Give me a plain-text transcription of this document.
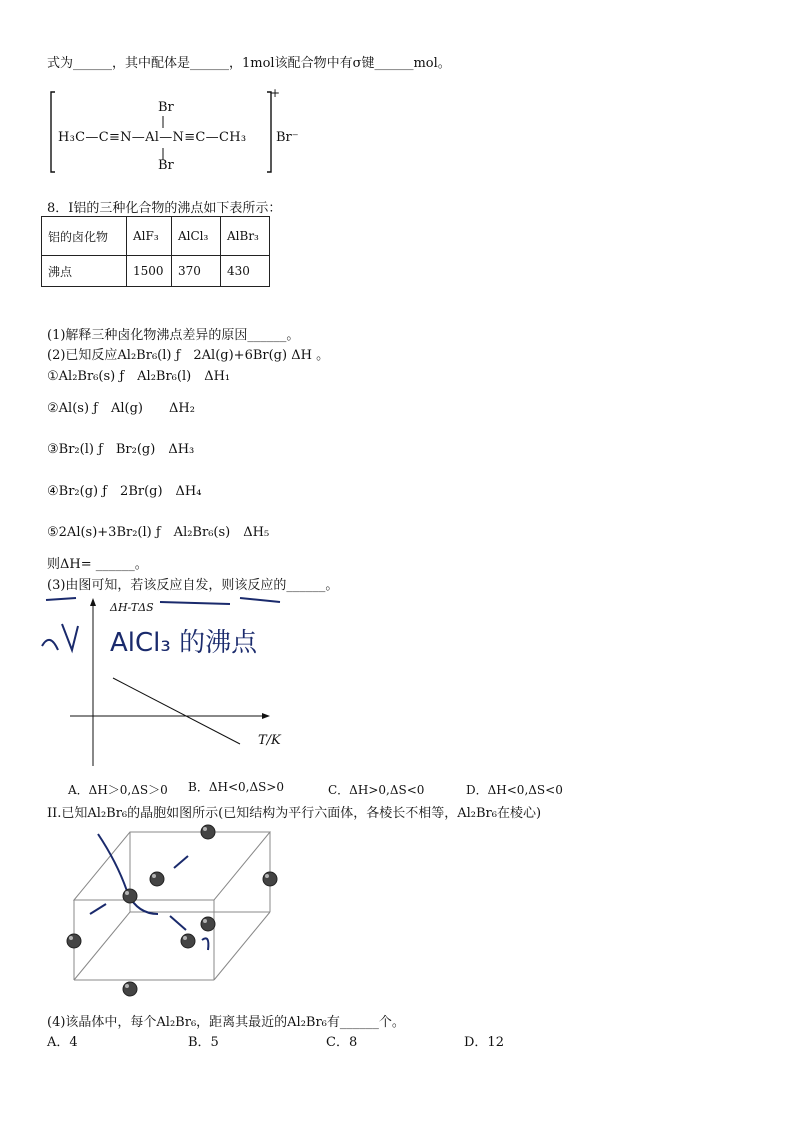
式为______，其中配体是______，1mol该配合物中有σ键______mol。
Br
H₃C—C≡N—Al—N≡C—CH₃
Br
+
Br⁻
8．I铝的三种化合物的沸点如下表所示：
铝的卤化物	AlF₃	AlCl₃	AlBr₃
沸点	1500	370	430
(1)解释三种卤化物沸点差异的原因______。
(2)已知反应Al₂Br₆(l) ƒ　2Al(g)+6Br(g) ΔH 。
①Al₂Br₆(s) ƒ　Al₂Br₆(l)　ΔH₁
②Al(s) ƒ　Al(g)　　ΔH₂
③Br₂(l) ƒ　Br₂(g)　ΔH₃
④Br₂(g) ƒ　2Br(g)　ΔH₄
⑤2Al(s)+3Br₂(l) ƒ　Al₂Br₆(s)　ΔH₅
则ΔH= ______。
(3)由图可知，若该反应自发，则该反应的______。
ΔH-TΔS
T/K
AlCl₃ 的沸点
A．ΔH＞0,ΔS＞0 B．ΔH<0,ΔS>0	C．ΔH>0,ΔS<0	D．ΔH<0,ΔS<0
II.已知Al₂Br₆的晶胞如图所示(已知结构为平行六面体，各棱长不相等，Al₂Br₆在棱心)
(4)该晶体中，每个Al₂Br₆，距离其最近的Al₂Br₆有______个。
A．4	B．5	C．8	D．12
